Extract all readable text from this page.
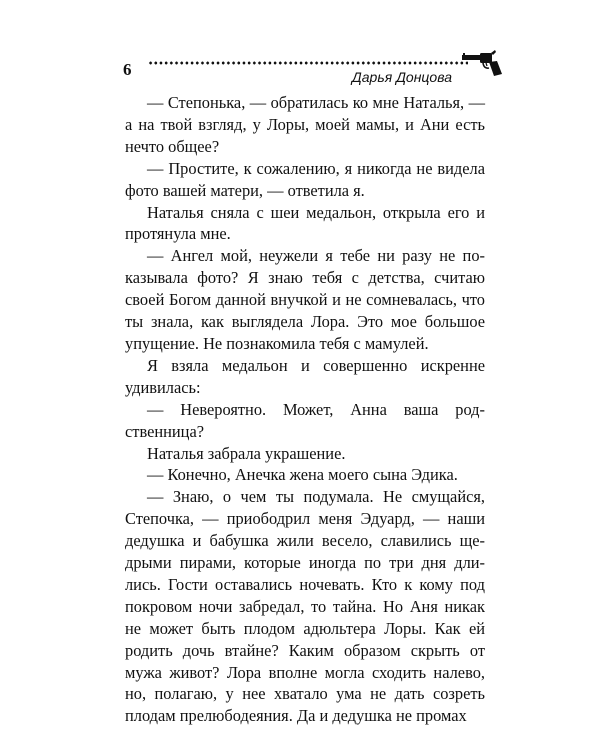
6	Дарья Донцова

— Степонька, — обратилась ко мне Наталья, — а на твой взгляд, у Лоры, моей мамы, и Ани есть нечто общее?

— Простите, к сожалению, я никогда не видела фото вашей матери, — ответила я.

Наталья сняла с шеи медальон, открыла его и протянула мне.

— Ангел мой, неужели я тебе ни разу не показывала фото? Я знаю тебя с детства, считаю своей Богом данной внучкой и не сомневалась, что ты знала, как выглядела Лора. Это мое большое упущение. Не познакомила тебя с мамулей.

Я взяла медальон и совершенно искренне удивилась:

— Невероятно. Может, Анна ваша родственница?

Наталья забрала украшение.

— Конечно, Анечка жена моего сына Эдика.

— Знаю, о чем ты подумала. Не смущайся, Степочка, — приободрил меня Эдуард, — наши дедушка и бабушка жили весело, славились щедрыми пирами, которые иногда по три дня длились. Гости оставались ночевать. Кто к кому под покровом ночи забредал, то тайна. Но Аня никак не может быть плодом адюльтера Лоры. Как ей родить дочь втайне? Каким образом скрыть от мужа живот? Лора вполне могла сходить налево, но, полагаю, у нее хватало ума не дать созреть плодам прелюбодеяния. Да и дедушка не промах
